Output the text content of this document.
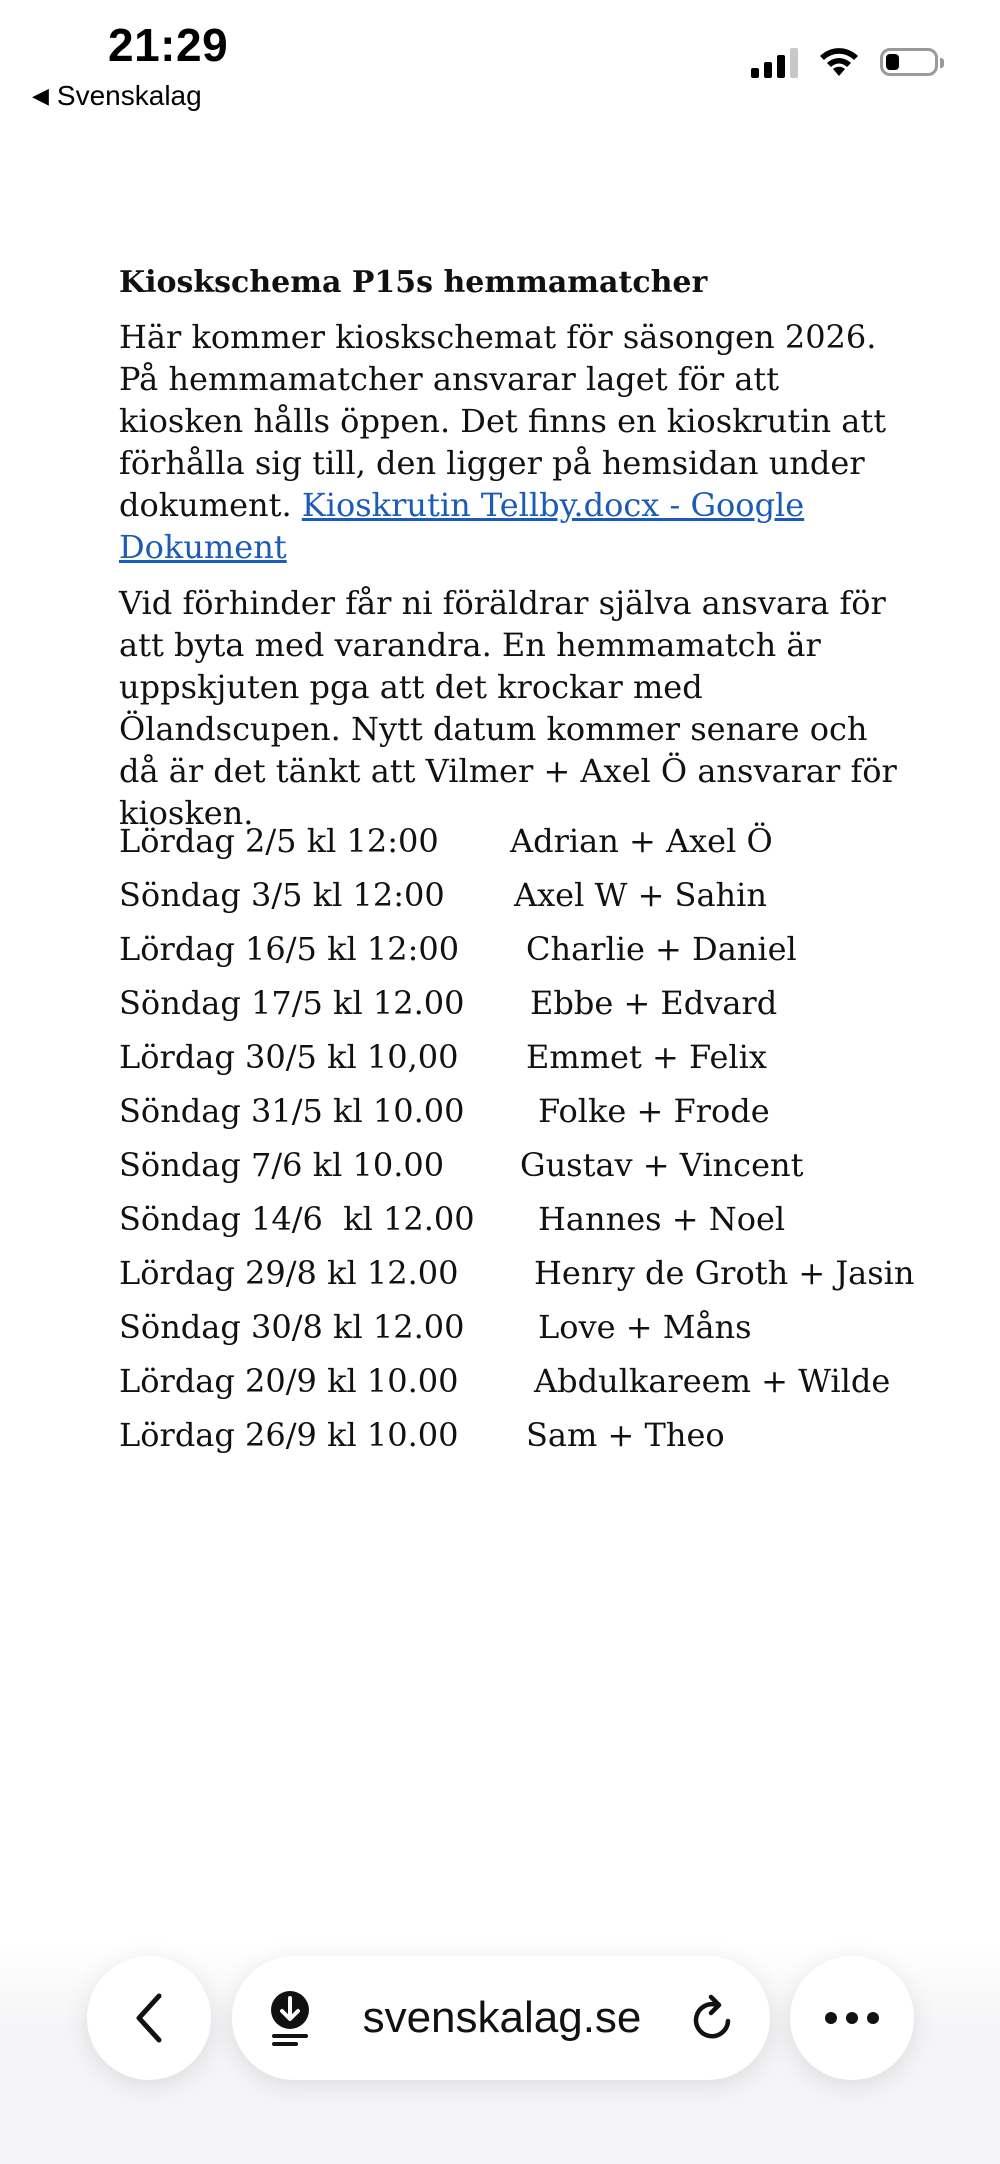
21:29
◀ Svenskalag
Kioskschema P15s hemmamatcher

Här kommer kioskschemat för säsongen 2026. På hemmamatcher ansvarar laget för att kiosken hålls öppen. Det finns en kioskrutin att förhålla sig till, den ligger på hemsidan under dokument. Kioskrutin Tellby.docx - Google Dokument

Vid förhinder får ni föräldrar själva ansvara för att byta med varandra. En hemmamatch är uppskjuten pga att det krockar med Ölandscupen. Nytt datum kommer senare och då är det tänkt att Vilmer + Axel Ö ansvarar för kiosken.

Lördag 2/5 kl 12:00 Adrian + Axel Ö
Söndag 3/5 kl 12:00 Axel W + Sahin
Lördag 16/5 kl 12:00 Charlie + Daniel
Söndag 17/5 kl 12.00 Ebbe + Edvard
Lördag 30/5 kl 10,00 Emmet + Felix
Söndag 31/5 kl 10.00 Folke + Frode
Söndag 7/6 kl 10.00 Gustav + Vincent
Söndag 14/6  kl 12.00 Hannes + Noel
Lördag 29/8 kl 12.00 Henry de Groth + Jasin
Söndag 30/8 kl 12.00 Love + Måns
Lördag 20/9 kl 10.00 Abdulkareem + Wilde
Lördag 26/9 kl 10.00 Sam + Theo
svenskalag.se
